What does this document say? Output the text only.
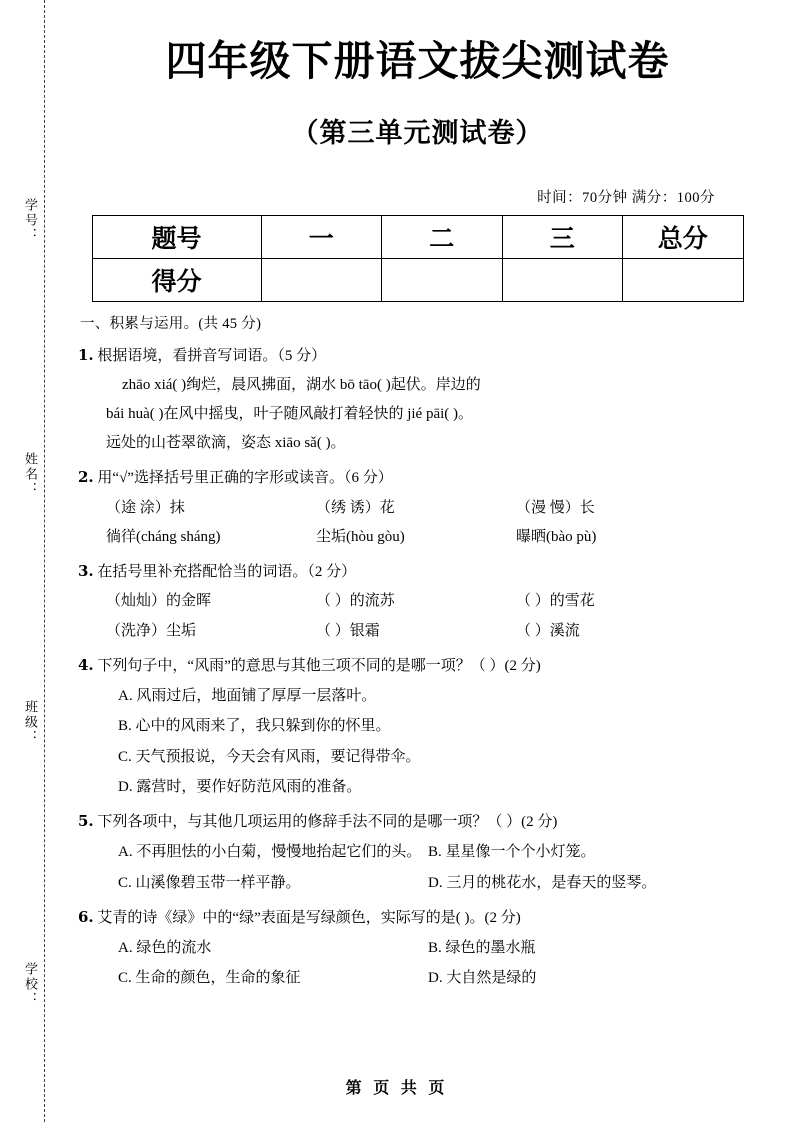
学号：
姓名：
班级：
学校：
四年级下册语文拔尖测试卷
（第三单元测试卷）
时间：70分钟 满分：100分
题号	一	二	三	总分
得分				
一、积累与运用。(共 45 分)
1. 根据语境，看拼音写词语。（5 分）
zhāo xiá( )绚烂，晨风拂面，湖水 bō tāo( )起伏。岸边的
bái huà( )在风中摇曳，叶子随风敲打着轻快的 jié pāi( )。
远处的山苍翠欲滴，姿态 xiāo sǎ( )。
2. 用“√”选择括号里正确的字形或读音。（6 分）
（途 涂）抹	（绣 诱）花	（漫 慢）长
徜徉(cháng sháng)	尘垢(hòu gòu)	曝晒(bào pù)
3. 在括号里补充搭配恰当的词语。（2 分）
（灿灿）的金晖	（ ）的流苏	（ ）的雪花
（洗净）尘垢	（ ）银霜	（ ）溪流
4. 下列句子中，“风雨”的意思与其他三项不同的是哪一项？（ ）(2 分)
A. 风雨过后，地面铺了厚厚一层落叶。
B. 心中的风雨来了，我只躲到你的怀里。
C. 天气预报说，今天会有风雨，要记得带伞。
D. 露营时，要作好防范风雨的准备。
5. 下列各项中，与其他几项运用的修辞手法不同的是哪一项？（ ）(2 分)
A. 不再胆怯的小白菊，慢慢地抬起它们的头。 B. 星星像一个个小灯笼。
C. 山溪像碧玉带一样平静。	D. 三月的桃花水，是春天的竖琴。
6. 艾青的诗《绿》中的“绿”表面是写绿颜色，实际写的是( )。(2 分)
A. 绿色的流水	B. 绿色的墨水瓶
C. 生命的颜色，生命的象征	D. 大自然是绿的
第 页 共 页
